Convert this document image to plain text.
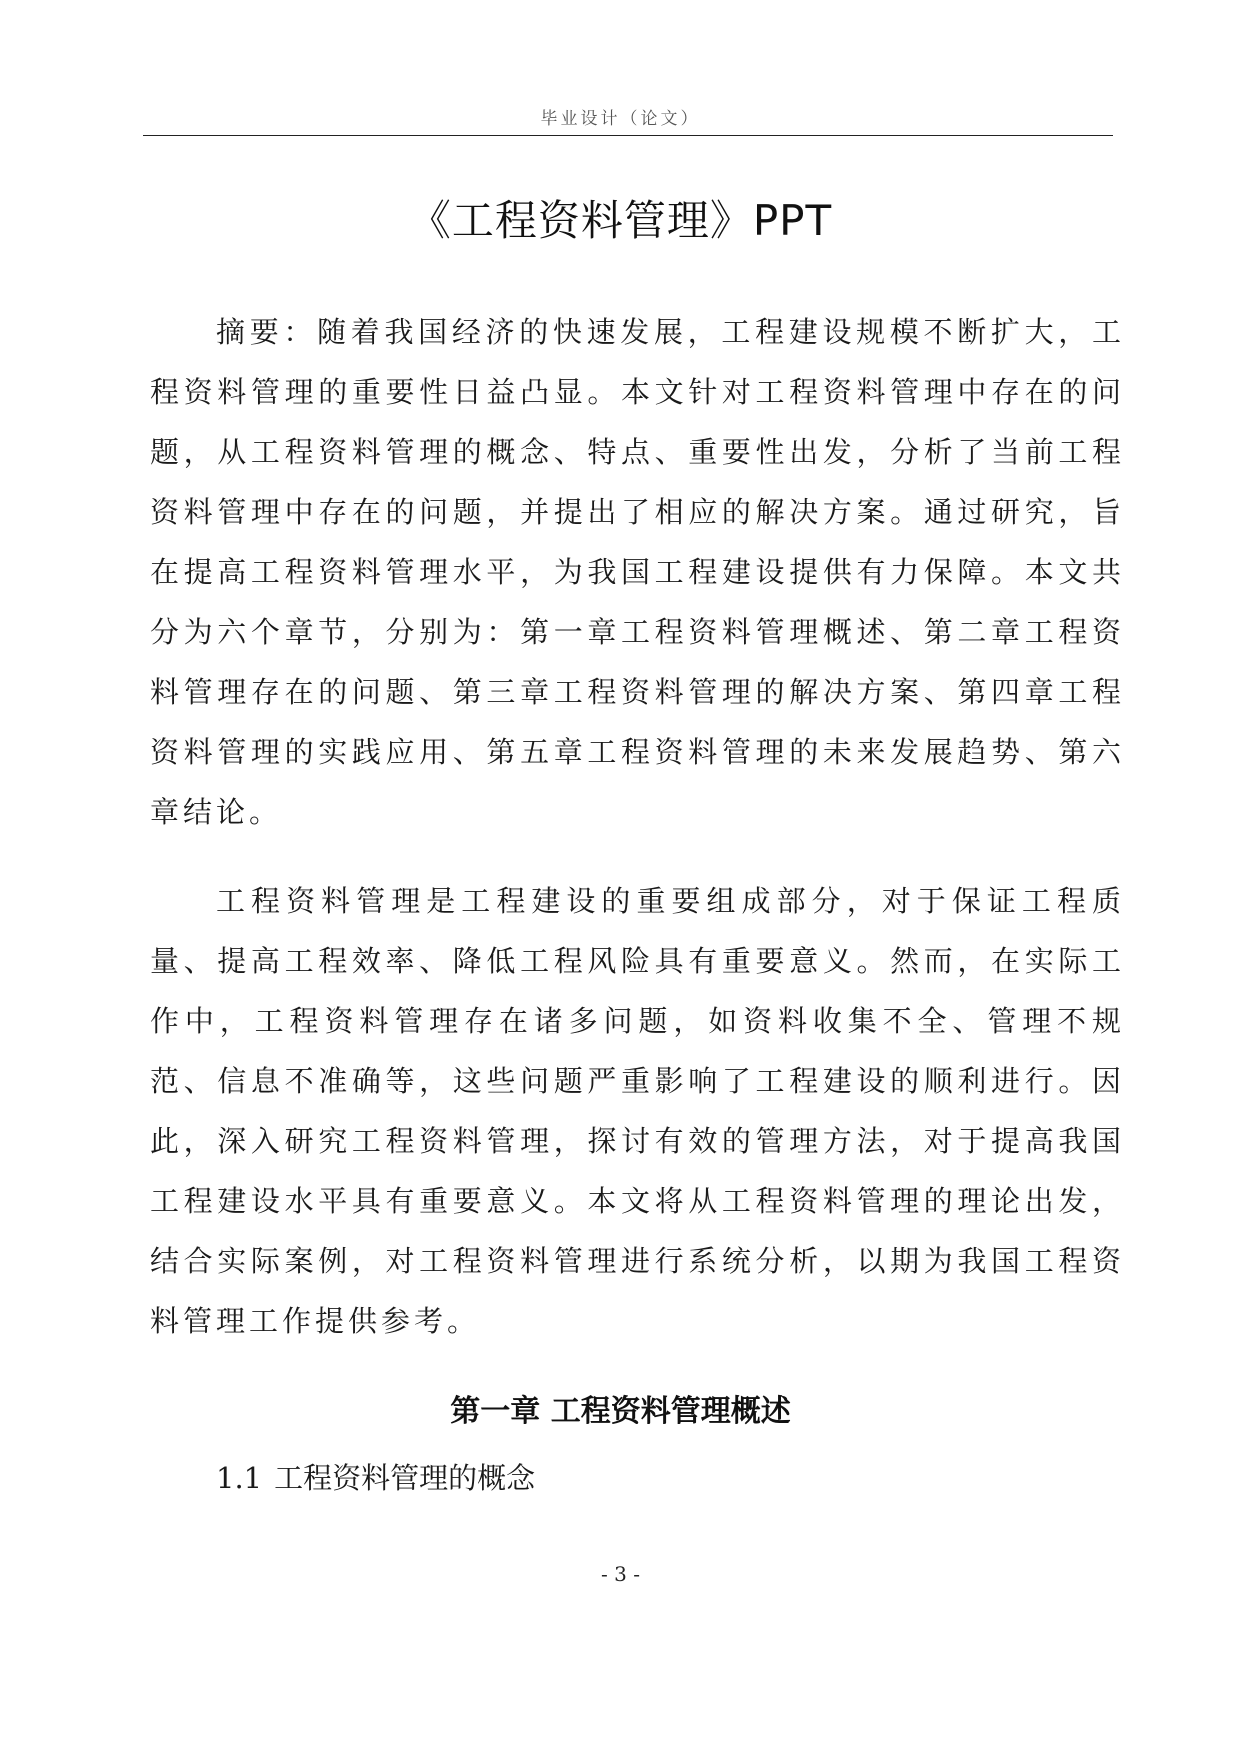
毕业设计（论文）
《工程资料管理》PPT

摘要：随着我国经济的快速发展，工程建设规模不断扩大，工程资料管理的重要性日益凸显。本文针对工程资料管理中存在的问题，从工程资料管理的概念、特点、重要性出发，分析了当前工程资料管理中存在的问题，并提出了相应的解决方案。通过研究，旨在提高工程资料管理水平，为我国工程建设提供有力保障。本文共分为六个章节，分别为：第一章工程资料管理概述、第二章工程资料管理存在的问题、第三章工程资料管理的解决方案、第四章工程资料管理的实践应用、第五章工程资料管理的未来发展趋势、第六章结论。

工程资料管理是工程建设的重要组成部分，对于保证工程质量、提高工程效率、降低工程风险具有重要意义。然而，在实际工作中，工程资料管理存在诸多问题，如资料收集不全、管理不规范、信息不准确等，这些问题严重影响了工程建设的顺利进行。因此，深入研究工程资料管理，探讨有效的管理方法，对于提高我国工程建设水平具有重要意义。本文将从工程资料管理的理论出发，结合实际案例，对工程资料管理进行系统分析，以期为我国工程资料管理工作提供参考。

第一章 工程资料管理概述
1.1 工程资料管理的概念
- 3 -
